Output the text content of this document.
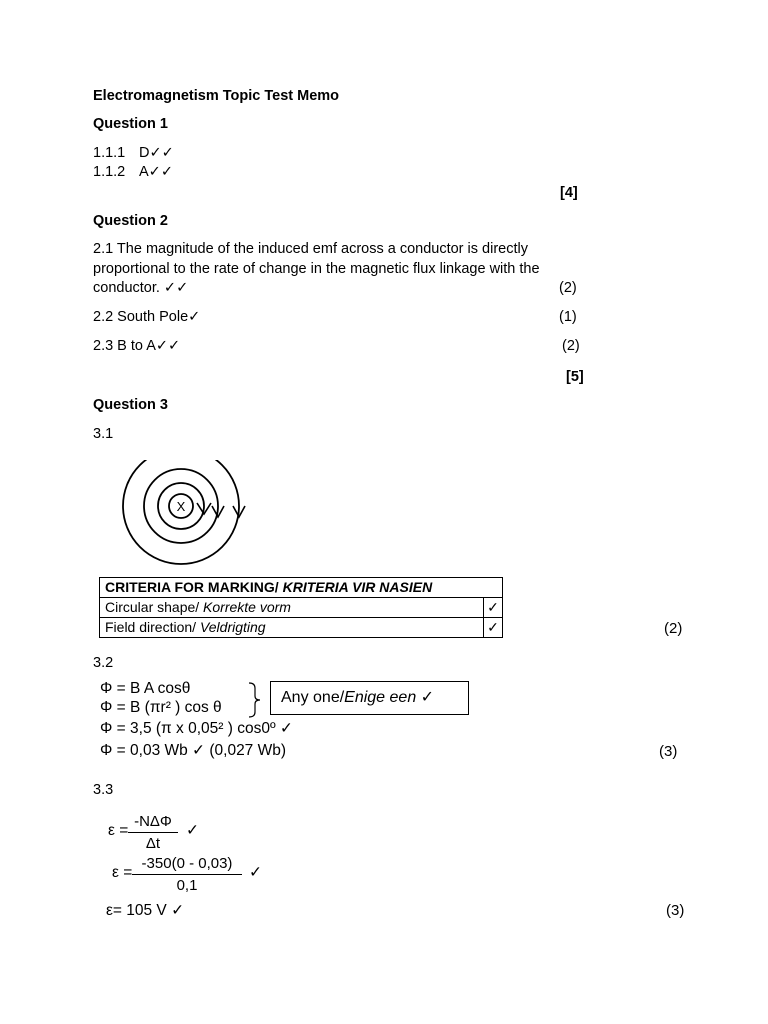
Electromagnetism Topic Test Memo
Question 1
1.1.1 D✓✓
1.1.2 A✓✓
[4]
Question 2
2.1 The magnitude of the induced emf across a conductor is directly
proportional to the rate of change in the magnetic flux linkage with the
conductor. ✓✓	(2)
2.2 South Pole✓	(1)
2.3 B to A✓✓	(2)
[5]
Question 3
3.1
X
CRITERIA FOR MARKING/ KRITERIA VIR NASIEN	
Circular shape/ Korrekte vorm	✓
Field direction/ Veldrigting	✓	(2)
3.2
Φ = B A cosθ
Φ = B (πr² ) cos θ
Φ = 3,5 (π x 0,05² ) cos0º ✓
Φ = 0,03 Wb ✓ (0,027 Wb)
Any one/Enige een ✓
(3)
3.3
ε =
-NΔΦ
Δt
✓
ε =
-350(0 - 0,03)
0,1
✓
ε= 105 V ✓	(3)
